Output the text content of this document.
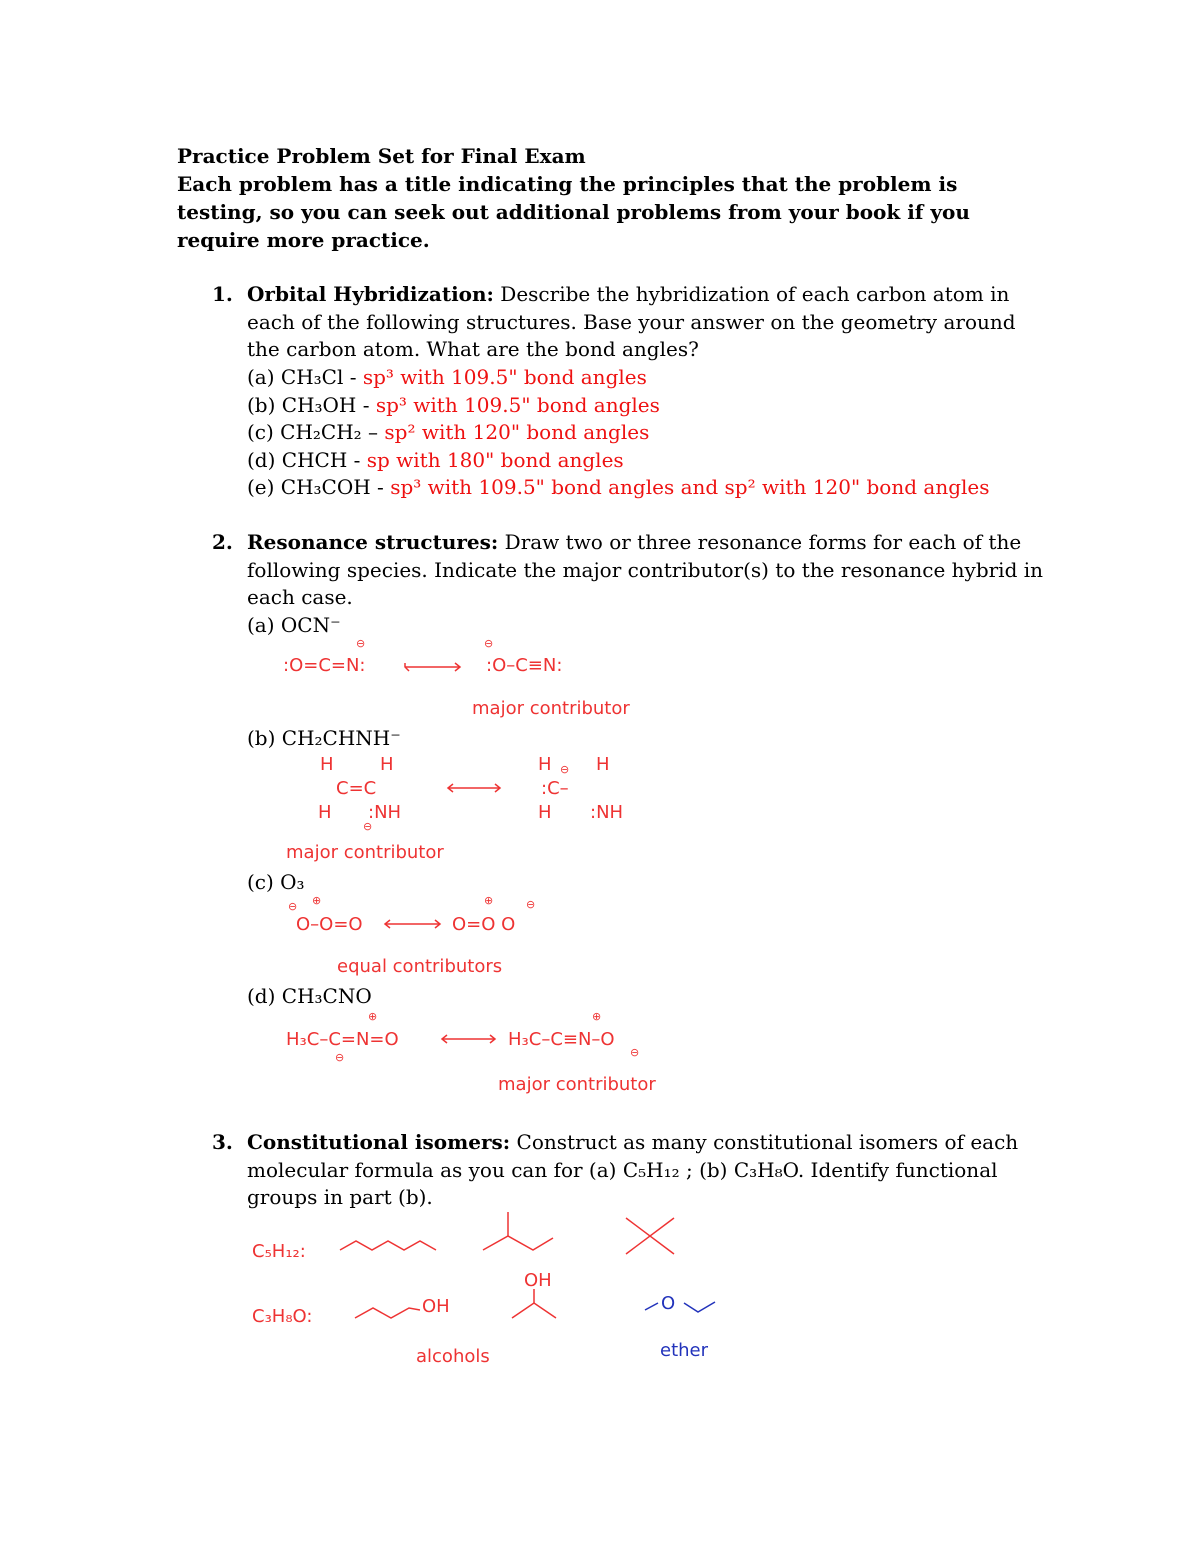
Practice Problem Set for Final Exam
Each problem has a title indicating the principles that the problem is testing, so you can seek out additional problems from your book if you require more practice.
1. Orbital Hybridization: Describe the hybridization of each carbon atom in each of the following structures. Base your answer on the geometry around the carbon atom. What are the bond angles?
(a) CH₃Cl - sp³ with 109.5" bond angles
(b) CH₃OH - sp³ with 109.5" bond angles
(c) CH₂CH₂ – sp² with 120" bond angles
(d) CHCH - sp with 180" bond angles
(e) CH₃COH - sp³ with 109.5" bond angles and sp² with 120" bond angles
2. Resonance structures: Draw two or three resonance forms for each of the following species. Indicate the major contributor(s) to the resonance hybrid in each case.
(a) OCN⁻
:O=C=N:	:O–C≡N:
⊖	⊖
major contributor
(b) CH₂CHNH⁻
H	H
C=C
H :NH
⊖
H H
:C–
⊖
H :NH
major contributor
(c) O₃
O–O=O	O=O O
⊖ ⊕	⊕	⊖
equal contributors
(d) CH₃CNO
H₃C–C=N=O	H₃C–C≡N–O
⊕
⊖
⊕
⊖
major contributor
3. Constitutional isomers: Construct as many constitutional isomers of each molecular formula as you can for (a) C₅H₁₂ ; (b) C₃H₈O. Identify functional groups in part (b).
C₅H₁₂:
C₃H₈O:	OH
OH
O
alcohols	ether
